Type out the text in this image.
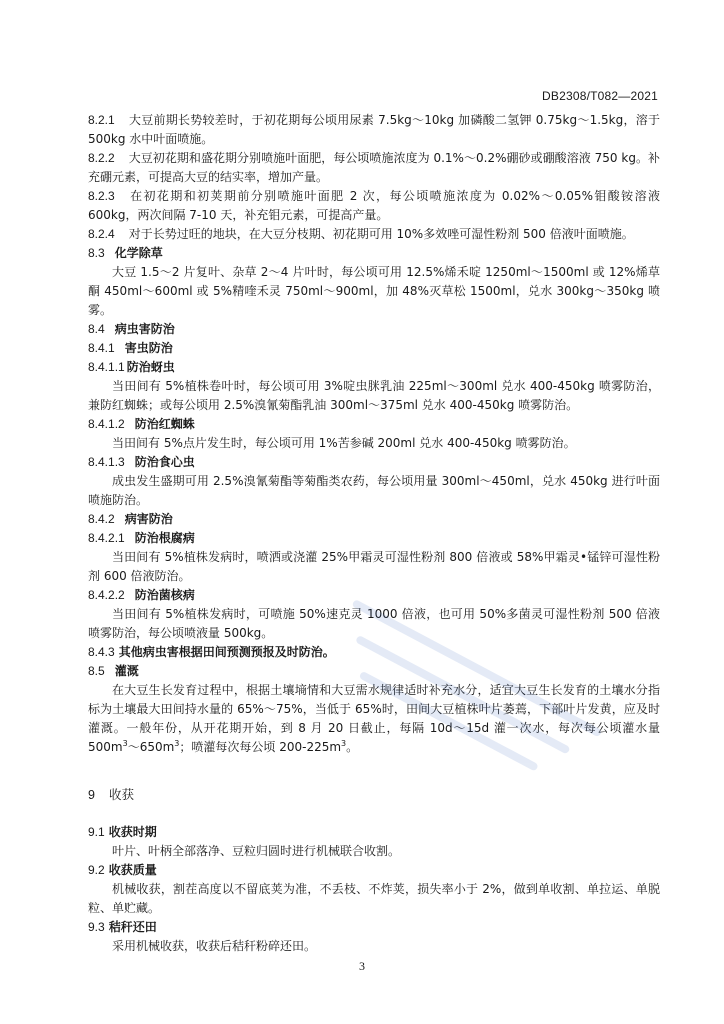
DB2308/T082—2021

8.2.1 大豆前期长势较差时，于初花期每公顷用尿素 7.5kg～10kg 加磷酸二氢钾 0.75kg～1.5kg，溶于 500kg 水中叶面喷施。

8.2.2 大豆初花期和盛花期分别喷施叶面肥，每公顷喷施浓度为 0.1%～0.2%硼砂或硼酸溶液 750 kg。补充硼元素，可提高大豆的结实率，增加产量。

8.2.3 在初花期和初荚期前分别喷施叶面肥 2 次，每公顷喷施浓度为 0.02%～0.05%钼酸铵溶液 600kg，两次间隔 7-10 天，补充钼元素，可提高产量。

8.2.4 对于长势过旺的地块，在大豆分枝期、初花期可用 10%多效唑可湿性粉剂 500 倍液叶面喷施。

8.3 化学除草

大豆 1.5～2 片复叶、杂草 2～4 片叶时，每公顷可用 12.5%烯禾啶 1250ml～1500ml 或 12%烯草酮 450ml～600ml 或 5%精喹禾灵 750ml～900ml，加 48%灭草松 1500ml，兑水 300kg～350kg 喷雾。

8.4 病虫害防治

8.4.1 害虫防治

8.4.1.1 防治蚜虫

当田间有 5%植株卷叶时，每公顷可用 3%啶虫脒乳油 225ml～300ml 兑水 400-450kg 喷雾防治，兼防红蜘蛛；或每公顷用 2.5%溴氰菊酯乳油 300ml～375ml 兑水 400-450kg 喷雾防治。

8.4.1.2 防治红蜘蛛

当田间有 5%点片发生时，每公顷可用 1%苦参碱 200ml 兑水 400-450kg 喷雾防治。

8.4.1.3 防治食心虫

成虫发生盛期可用 2.5%溴氰菊酯等菊酯类农药，每公顷用量 300ml～450ml，兑水 450kg 进行叶面喷施防治。

8.4.2 病害防治

8.4.2.1 防治根腐病

当田间有 5%植株发病时，喷洒或浇灌 25%甲霜灵可湿性粉剂 800 倍液或 58%甲霜灵•锰锌可湿性粉剂 600 倍液防治。

8.4.2.2 防治菌核病

当田间有 5%植株发病时，可喷施 50%速克灵 1000 倍液，也可用 50%多菌灵可湿性粉剂 500 倍液喷雾防治，每公顷喷液量 500kg。

8.4.3 其他病虫害根据田间预测预报及时防治。

8.5 灌溉

在大豆生长发育过程中，根据土壤墒情和大豆需水规律适时补充水分，适宜大豆生长发育的土壤水分指标为土壤最大田间持水量的 65%～75%，当低于 65%时，田间大豆植株叶片萎蔫，下部叶片发黄，应及时灌溉。一般年份，从开花期开始，到 8 月 20 日截止，每隔 10d～15d 灌一次水，每次每公顷灌水量 $500m^3\sim 650m^3$；喷灌每次每公顷 $200-225m^3$。

9 收获

9.1 收获时期

叶片、叶柄全部落净、豆粒归圆时进行机械联合收割。

9.2 收获质量

机械收获，割茬高度以不留底荚为准，不丢枝、不炸荚，损失率小于 2%，做到单收割、单拉运、单脱粒、单贮藏。

9.3 秸秆还田

采用机械收获，收获后秸秆粉碎还田。

3
